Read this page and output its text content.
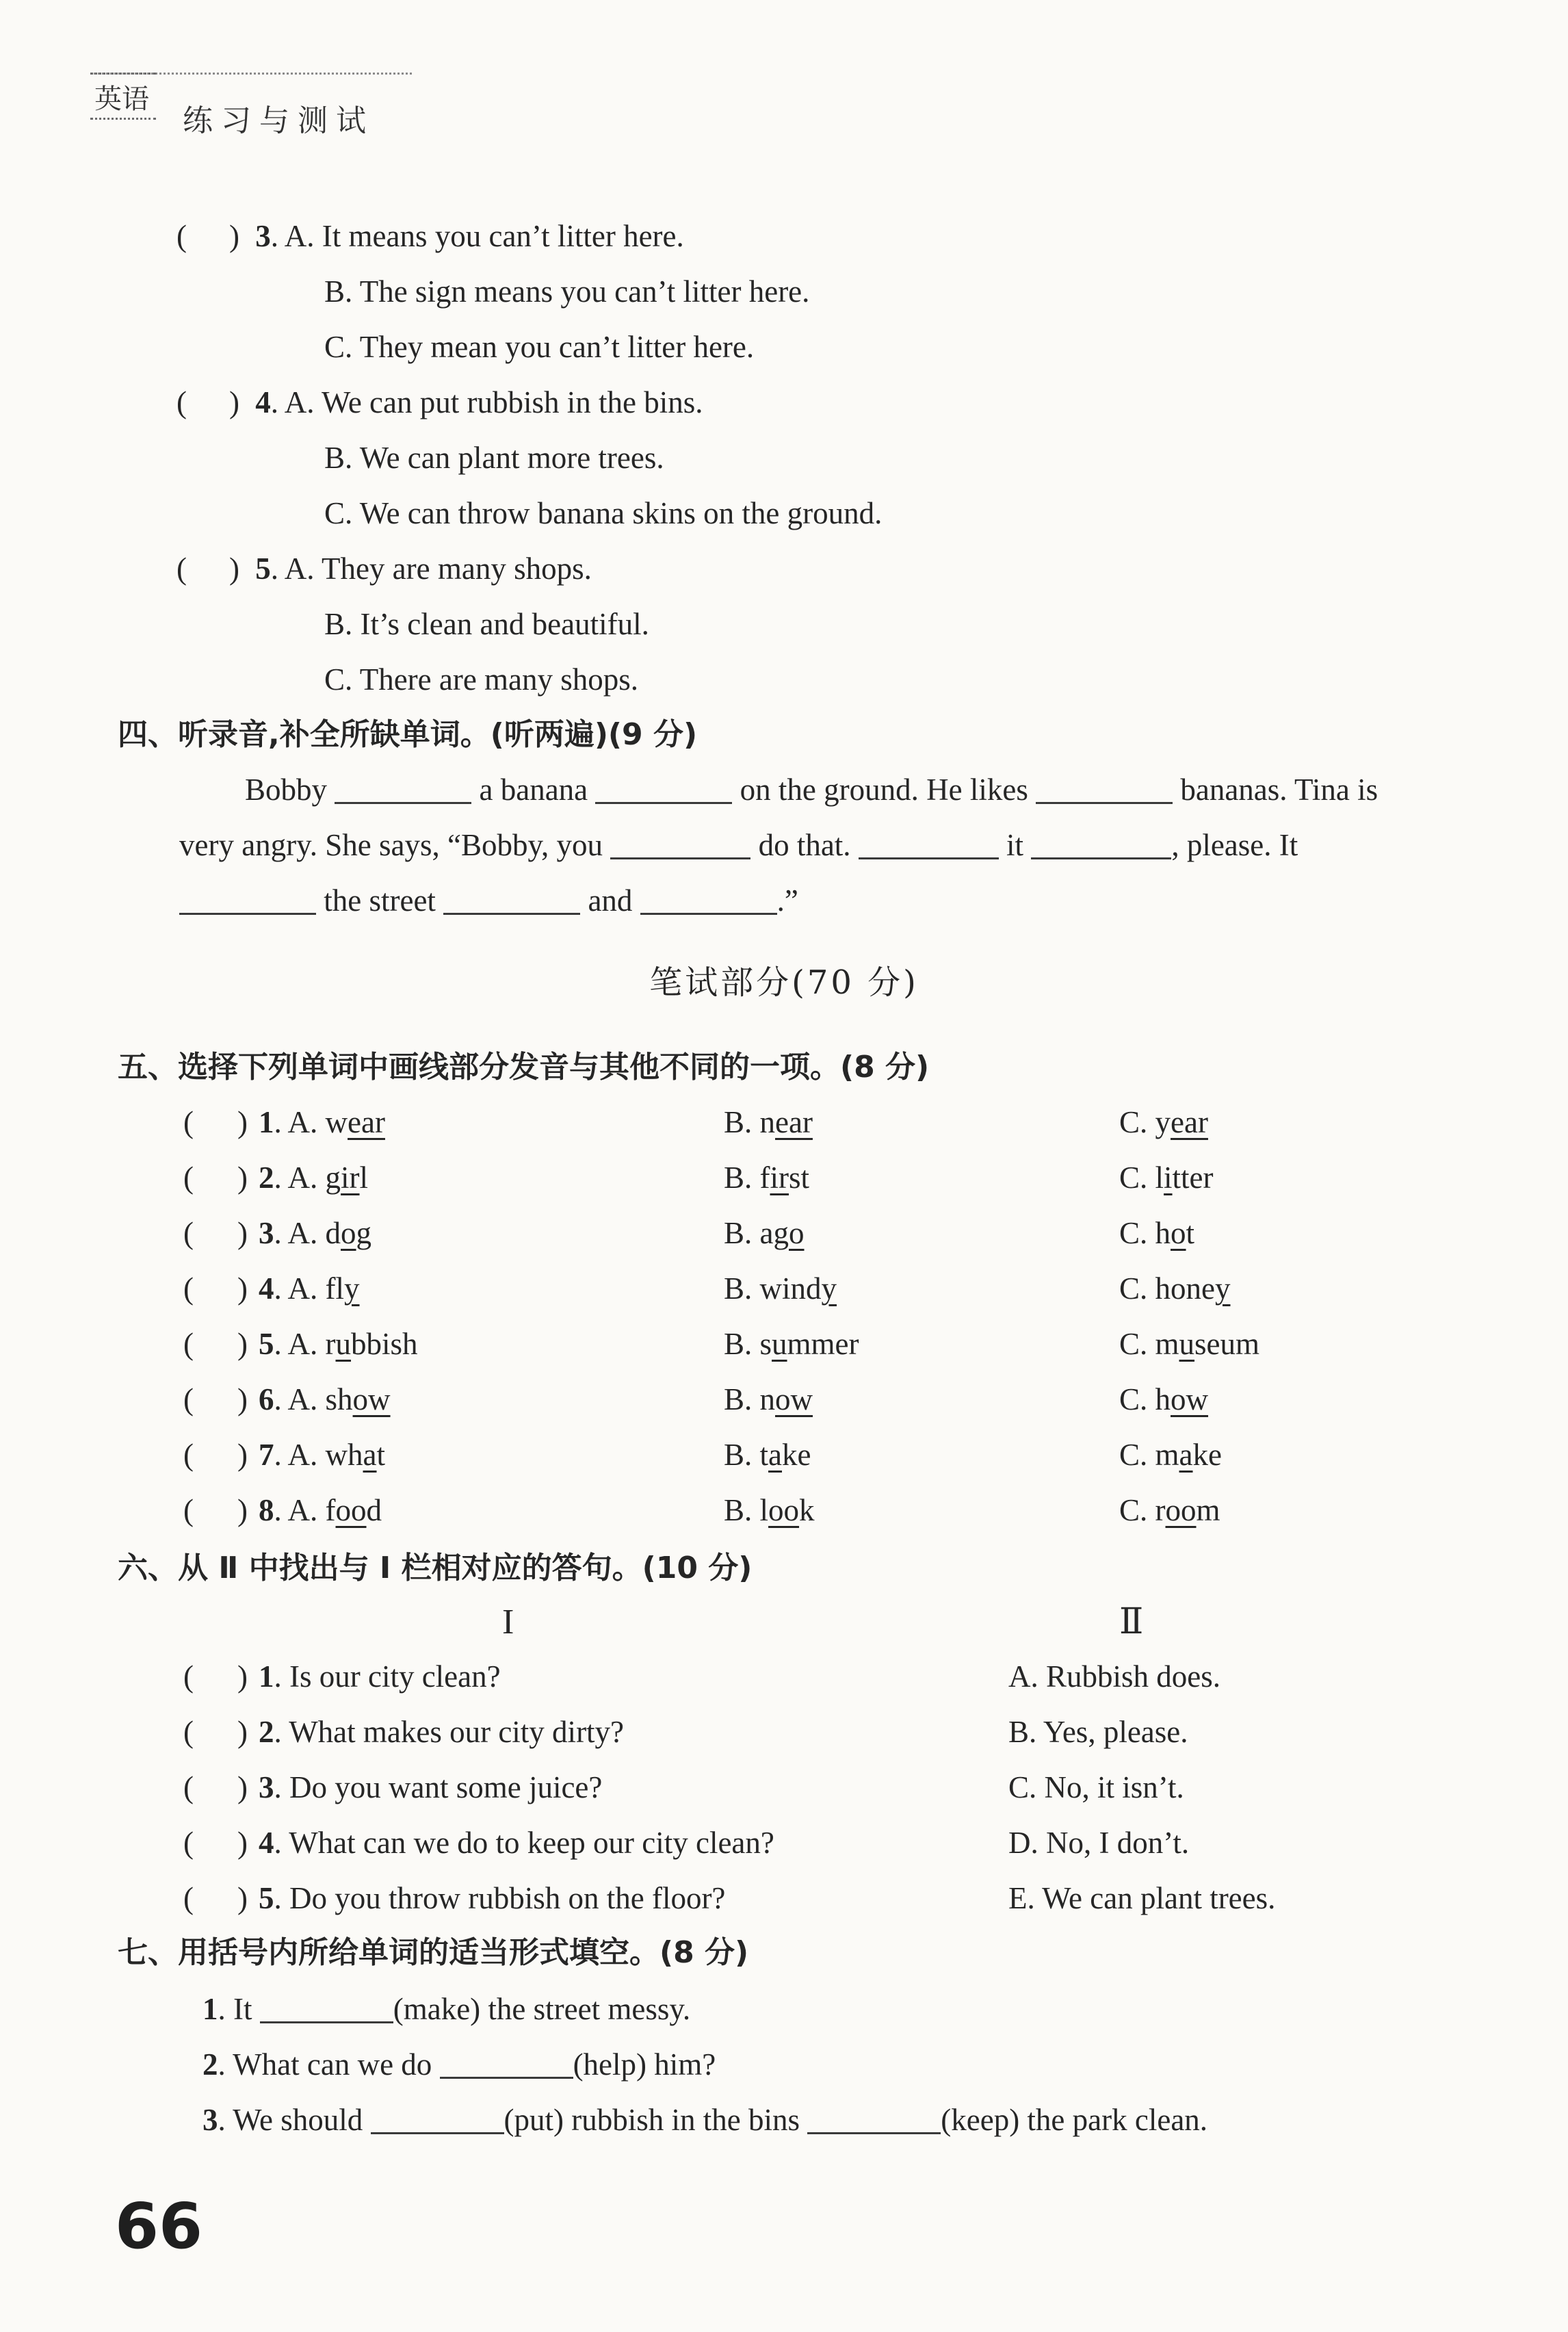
英语
练习与测试
( ) 3. A. It means you can’t litter here.
B. The sign means you can’t litter here.
C. They mean you can’t litter here.
( ) 4. A. We can put rubbish in the bins.
B. We can plant more trees.
C. We can throw banana skins on the ground.
( ) 5. A. They are many shops.
B. It’s clean and beautiful.
C. There are many shops.
四、听录音,补全所缺单词。(听两遍)(9 分)
Bobby	a banana	on the ground. He likes	bananas. Tina is
very angry. She says, “Bobby, you	do that.	it	, please. It
the street	and	.”
笔试部分(70 分)
五、选择下列单词中画线部分发音与其他不同的一项。(8 分)
( ) 1. A. wear	B. near	C. year
( ) 2. A. girl	B. first	C. litter
( ) 3. A. dog	B. ago	C. hot
( ) 4. A. fly	B. windy	C. honey
( ) 5. A. rubbish	B. summer	C. museum
( ) 6. A. show	B. now	C. how
( ) 7. A. what	B. take	C. make
( ) 8. A. food	B. look	C. room
六、从 Ⅱ 中找出与 Ⅰ 栏相对应的答句。(10 分)
I	Ⅱ
( ) 1. Is our city clean?	A. Rubbish does.
( ) 2. What makes our city dirty?	B. Yes, please.
( ) 3. Do you want some juice?	C. No, it isn’t.
( ) 4. What can we do to keep our city clean?	D. No, I don’t.
( ) 5. Do you throw rubbish on the floor?	E. We can plant trees.
七、用括号内所给单词的适当形式填空。(8 分)
1. It	(make) the street messy.
2. What can we do	(help) him?
3. We should	(put) rubbish in the bins	(keep) the park clean.
66
